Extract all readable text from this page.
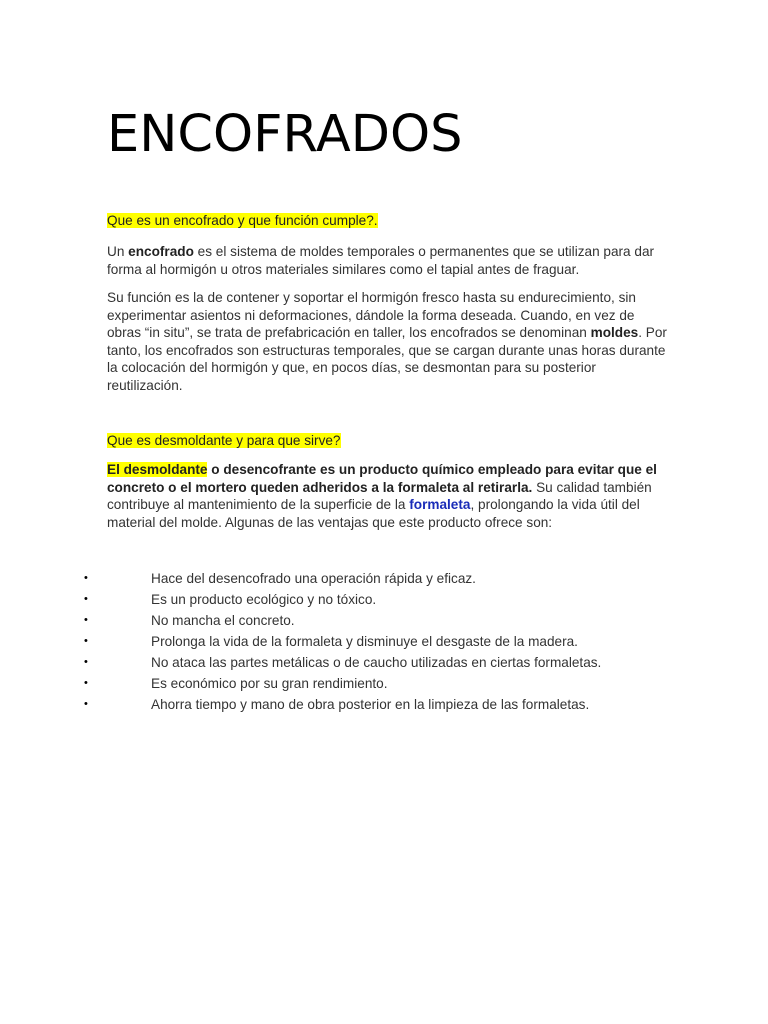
ENCOFRADOS
Que es un encofrado y que función cumple?.
Un encofrado es el sistema de moldes temporales o permanentes que se utilizan para dar forma al hormigón u otros materiales similares como el tapial antes de fraguar.
Su función es la de contener y soportar el hormigón fresco hasta su endurecimiento, sin experimentar asientos ni deformaciones, dándole la forma deseada. Cuando, en vez de obras “in situ”, se trata de prefabricación en taller, los encofrados se denominan moldes. Por tanto, los encofrados son estructuras temporales, que se cargan durante unas horas durante la colocación del hormigón y que, en pocos días, se desmontan para su posterior reutilización.
Que es desmoldante y para que sirve?
El desmoldante o desencofrante es un producto químico empleado para evitar que el concreto o el mortero queden adheridos a la formaleta al retirarla. Su calidad también contribuye al mantenimiento de la superficie de la formaleta, prolongando la vida útil del material del molde. Algunas de las ventajas que este producto ofrece son:
•	Hace del desencofrado una operación rápida y eficaz.
•	Es un producto ecológico y no tóxico.
•	No mancha el concreto.
•	Prolonga la vida de la formaleta y disminuye el desgaste de la madera.
•	No ataca las partes metálicas o de caucho utilizadas en ciertas formaletas.
•	Es económico por su gran rendimiento.
•	Ahorra tiempo y mano de obra posterior en la limpieza de las formaletas.
